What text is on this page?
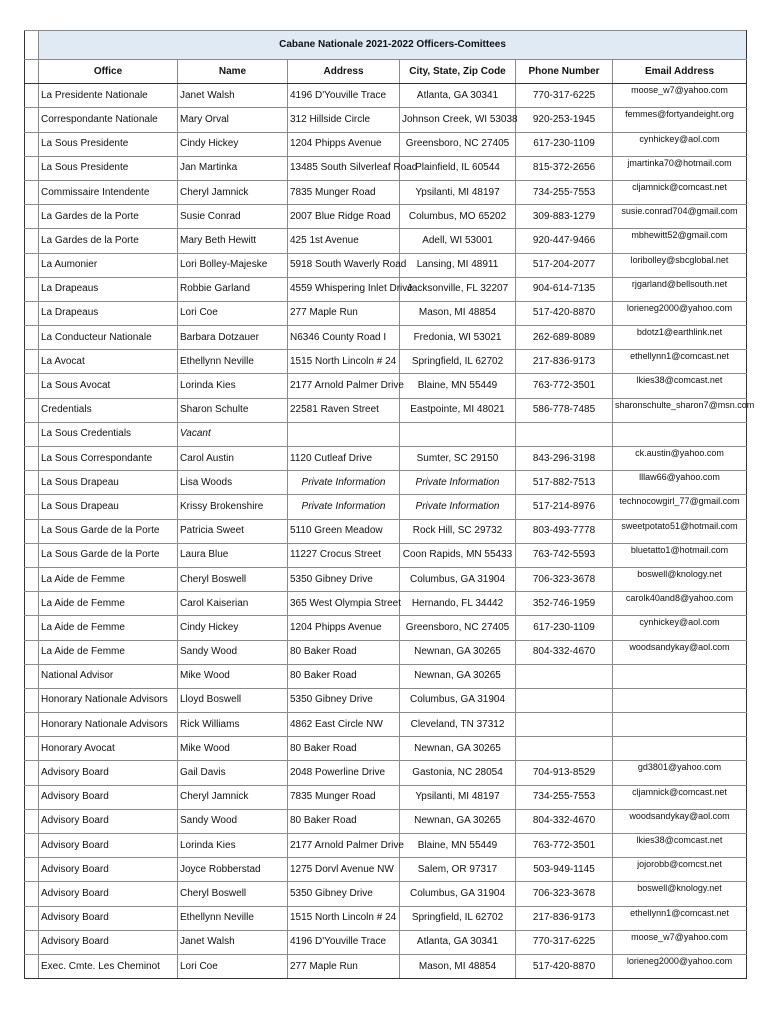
	Cabane Nationale 2021-2022 Officers-Comittees					
	Office	Name	Address	City, State, Zip Code	Phone Number	Email Address
	La Presidente Nationale	Janet Walsh	4196 D'Youville Trace	Atlanta, GA 30341	770-317-6225	moose_w7@yahoo.com
	Correspondante Nationale	Mary Orval	312 Hillside Circle	Johnson Creek, WI 53038	920-253-1945	femmes@fortyandeight.org
	La Sous Presidente	Cindy Hickey	1204 Phipps Avenue	Greensboro, NC 27405	617-230-1109	cynhickey@aol.com
	La Sous Presidente	Jan Martinka	13485 South Silverleaf Road	Plainfield, IL 60544	815-372-2656	jmartinka70@hotmail.com
	Commissaire Intendente	Cheryl Jamnick	7835 Munger Road	Ypsilanti, MI 48197	734-255-7553	cljamnick@comcast.net
	La Gardes de la Porte	Susie Conrad	2007 Blue Ridge Road	Columbus, MO 65202	309-883-1279	susie.conrad704@gmail.com
	La Gardes de la Porte	Mary Beth Hewitt	425 1st Avenue	Adell, WI 53001	920-447-9466	mbhewitt52@gmail.com
	La Aumonier	Lori Bolley-Majeske	5918 South Waverly Road	Lansing, MI 48911	517-204-2077	loribolley@sbcglobal.net
	La Drapeaus	Robbie Garland	4559 Whispering Inlet Drive	Jacksonville, FL 32207	904-614-7135	rjgarland@bellsouth.net
	La Drapeaus	Lori Coe	277 Maple Run	Mason, MI 48854	517-420-8870	lorieneg2000@yahoo.com
	La Conducteur Nationale	Barbara Dotzauer	N6346 County Road I	Fredonia, WI 53021	262-689-8089	bdotz1@earthlink.net
	La Avocat	Ethellynn Neville	1515 North Lincoln # 24	Springfield, IL 62702	217-836-9173	ethellynn1@comcast.net
	La Sous Avocat	Lorinda Kies	2177 Arnold Palmer Drive	Blaine, MN 55449	763-772-3501	lkies38@comcast.net
	Credentials	Sharon Schulte	22581 Raven Street	Eastpointe, MI 48021	586-778-7485	sharonschulte_sharon7@msn.com
	La Sous Credentials	Vacant				
	La Sous Correspondante	Carol Austin	1120 Cutleaf Drive	Sumter, SC 29150	843-296-3198	ck.austin@yahoo.com
	La Sous Drapeau	Lisa Woods	Private Information	Private Information	517-882-7513	lllaw66@yahoo.com
	La Sous Drapeau	Krissy Brokenshire	Private Information	Private Information	517-214-8976	technocowgirl_77@gmail.com
	La Sous Garde de la Porte	Patricia Sweet	5110 Green Meadow	Rock Hill, SC 29732	803-493-7778	sweetpotato51@hotmail.com
	La Sous Garde de la Porte	Laura Blue	11227 Crocus Street	Coon Rapids, MN 55433	763-742-5593	bluetatto1@hotmail.com
	La Aide de Femme	Cheryl Boswell	5350 Gibney Drive	Columbus, GA 31904	706-323-3678	boswell@knology.net
	La Aide de Femme	Carol Kaiserian	365 West Olympia Street	Hernando, FL 34442	352-746-1959	carolk40and8@yahoo.com
	La Aide de Femme	Cindy Hickey	1204 Phipps Avenue	Greensboro, NC 27405	617-230-1109	cynhickey@aol.com
	La Aide de Femme	Sandy Wood	80 Baker Road	Newnan, GA 30265	804-332-4670	woodsandykay@aol.com
	National Advisor	Mike Wood	80 Baker Road	Newnan, GA 30265		
	Honorary Nationale Advisors	Lloyd Boswell	5350 Gibney Drive	Columbus, GA 31904		
	Honorary Nationale Advisors	Rick Williams	4862 East Circle NW	Cleveland, TN 37312		
	Honorary Avocat	Mike Wood	80 Baker Road	Newnan, GA 30265		
	Advisory Board	Gail Davis	2048 Powerline Drive	Gastonia, NC 28054	704-913-8529	gd3801@yahoo.com
	Advisory Board	Cheryl Jamnick	7835 Munger Road	Ypsilanti, MI 48197	734-255-7553	cljamnick@comcast.net
	Advisory Board	Sandy Wood	80 Baker Road	Newnan, GA 30265	804-332-4670	woodsandykay@aol.com
	Advisory Board	Lorinda Kies	2177 Arnold Palmer Drive	Blaine, MN 55449	763-772-3501	lkies38@comcast.net
	Advisory Board	Joyce Robberstad	1275 Dorvl Avenue NW	Salem, OR 97317	503-949-1145	jojorobb@comcst.net
	Advisory Board	Cheryl Boswell	5350 Gibney Drive	Columbus, GA 31904	706-323-3678	boswell@knology.net
	Advisory Board	Ethellynn Neville	1515 North Lincoln # 24	Springfield, IL 62702	217-836-9173	ethellynn1@comcast.net
	Advisory Board	Janet Walsh	4196 D'Youville Trace	Atlanta, GA 30341	770-317-6225	moose_w7@yahoo.com
	Exec. Cmte. Les Cheminot	Lori Coe	277 Maple Run	Mason, MI 48854	517-420-8870	lorieneg2000@yahoo.com
